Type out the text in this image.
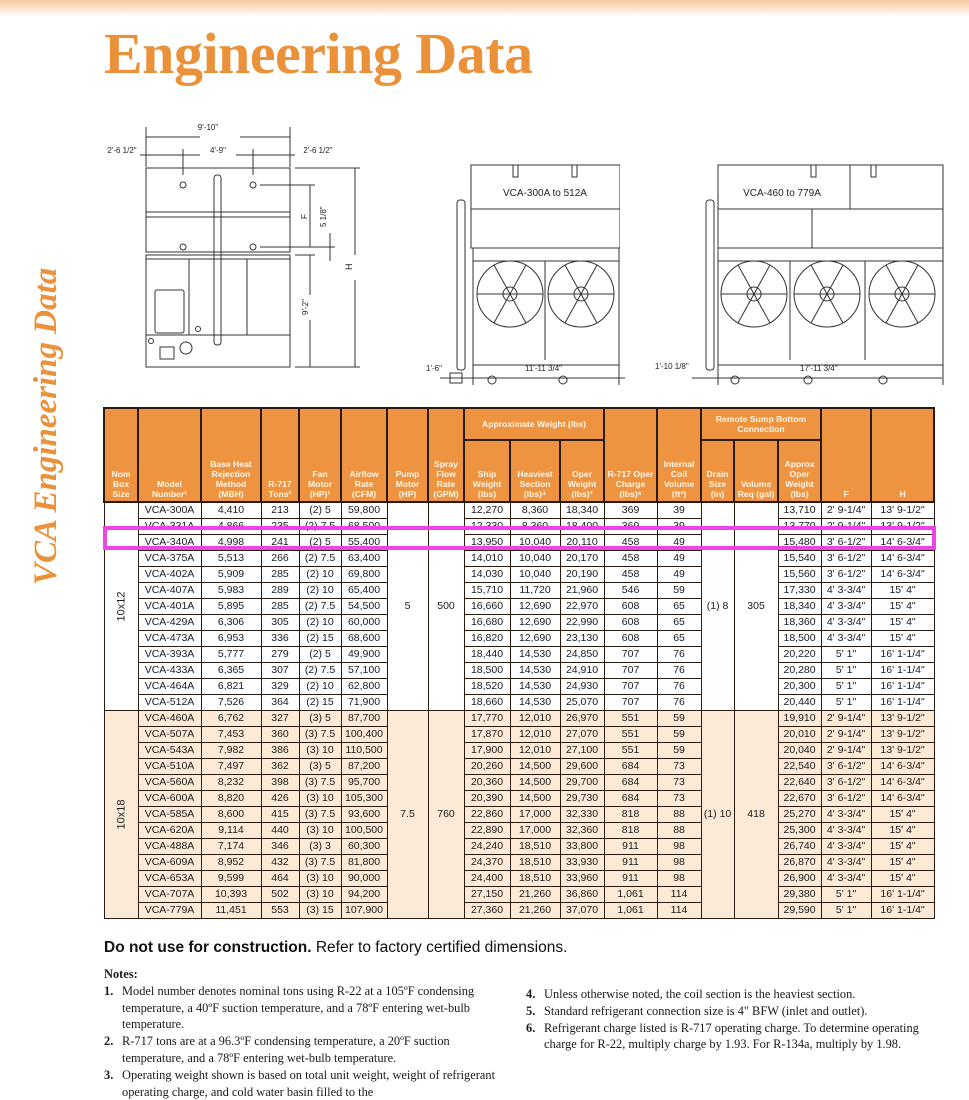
Engineering Data
VCA Engineering Data
9'-10"
2'-6 1/2"	4'-9"	2'-6 1/2"
F 5 1/8"
H
9'-2"
VCA-300A to 512A
1'-6"	11'-11 3/4"
VCA-460 to 779A
1'-10 1/8"	17'-11 3/4"
Nom Box Size	Model Number¹	Base Heat Rejection Method (MBH)	R-717 Tons²	Fan Motor (HP)¹	Airflow Rate (CFM)	Pump Motor (HP)	Spray Flow Rate (GPM)	Approximate Weight (lbs)			R-717 Oper Charge (lbs)⁶	Internal Coil Volume (ft³)	Remote Sump Bottom Connection			F	H
								Ship Weight (lbs)	Heaviest Section (lbs)⁴	Oper Weight (lbs)³			Drain Size (in)	Volume Req (gal)	Approx Oper Weight (lbs)		
10x12	VCA-300A	4,410	213	(2) 5	59,800	5	500	12,270	8,360	18,340	369	39	(1) 8	305	13,710	2' 9-1/4"	13' 9-1/2"
	VCA-331A	4,866	235	(2) 7.5	68,500			12,330	8,360	18,400	369	39			13,770	2' 9-1/4"	13' 9-1/2"
	VCA-340A	4,998	241	(2) 5	55,400			13,950	10,040	20,110	458	49			15,480	3' 6-1/2"	14' 6-3/4"
	VCA-375A	5,513	266	(2) 7.5	63,400			14,010	10,040	20,170	458	49			15,540	3' 6-1/2"	14' 6-3/4"
	VCA-402A	5,909	285	(2) 10	69,800			14,030	10,040	20,190	458	49			15,560	3' 6-1/2"	14' 6-3/4"
	VCA-407A	5,983	289	(2) 10	65,400			15,710	11,720	21,960	546	59			17,330	4' 3-3/4"	15' 4"
	VCA-401A	5,895	285	(2) 7.5	54,500			16,660	12,690	22,970	608	65			18,340	4' 3-3/4"	15' 4"
	VCA-429A	6,306	305	(2) 10	60,000			16,680	12,690	22,990	608	65			18,360	4' 3-3/4"	15' 4"
	VCA-473A	6,953	336	(2) 15	68,600			16,820	12,690	23,130	608	65			18,500	4' 3-3/4"	15' 4"
	VCA-393A	5,777	279	(2) 5	49,900			18,440	14,530	24,850	707	76			20,220	5' 1"	16' 1-1/4"
	VCA-433A	6,365	307	(2) 7.5	57,100			18,500	14,530	24,910	707	76			20,280	5' 1"	16' 1-1/4"
	VCA-464A	6,821	329	(2) 10	62,800			18,520	14,530	24,930	707	76			20,300	5' 1"	16' 1-1/4"
	VCA-512A	7,526	364	(2) 15	71,900			18,660	14,530	25,070	707	76			20,440	5' 1"	16' 1-1/4"
10x18	VCA-460A	6,762	327	(3) 5	87,700	7.5	760	17,770	12,010	26,970	551	59	(1) 10	418	19,910	2' 9-1/4"	13' 9-1/2"
	VCA-507A	7,453	360	(3) 7.5	100,400			17,870	12,010	27,070	551	59			20,010	2' 9-1/4"	13' 9-1/2"
	VCA-543A	7,982	386	(3) 10	110,500			17,900	12,010	27,100	551	59			20,040	2' 9-1/4"	13' 9-1/2"
	VCA-510A	7,497	362	(3) 5	87,200			20,260	14,500	29,600	684	73			22,540	3' 6-1/2"	14' 6-3/4"
	VCA-560A	8,232	398	(3) 7.5	95,700			20,360	14,500	29,700	684	73			22,640	3' 6-1/2"	14' 6-3/4"
	VCA-600A	8,820	426	(3) 10	105,300			20,390	14,500	29,730	684	73			22,670	3' 6-1/2"	14' 6-3/4"
	VCA-585A	8,600	415	(3) 7.5	93,600			22,860	17,000	32,330	818	88			25,270	4' 3-3/4"	15' 4"
	VCA-620A	9,114	440	(3) 10	100,500			22,890	17,000	32,360	818	88			25,300	4' 3-3/4"	15' 4"
	VCA-488A	7,174	346	(3) 3	60,300			24,240	18,510	33,800	911	98			26,740	4' 3-3/4"	15' 4"
	VCA-609A	8,952	432	(3) 7.5	81,800			24,370	18,510	33,930	911	98			26,870	4' 3-3/4"	15' 4"
	VCA-653A	9,599	464	(3) 10	90,000			24,400	18,510	33,960	911	98			26,900	4' 3-3/4"	15' 4"
	VCA-707A	10,393	502	(3) 10	94,200			27,150	21,260	36,860	1,061	114			29,380	5' 1"	16' 1-1/4"
	VCA-779A	11,451	553	(3) 15	107,900			27,360	21,260	37,070	1,061	114			29,590	5' 1"	16' 1-1/4"
Do not use for construction. Refer to factory certified dimensions.
Notes:
1. Model number denotes nominal tons using R-22 at a 105ºF condensing temperature, a 40ºF suction temperature, and a 78ºF entering wet-bulb temperature.
2. R-717 tons are at a 96.3ºF condensing temperature, a 20ºF suction temperature, and a 78ºF entering wet-bulb temperature.
3. Operating weight shown is based on total unit weight, weight of refrigerant operating charge, and cold water basin filled to the
4. Unless otherwise noted, the coil section is the heaviest section.
5. Standard refrigerant connection size is 4" BFW (inlet and outlet).
6. Refrigerant charge listed is R-717 operating charge. To determine operating charge for R-22, multiply charge by 1.93. For R-134a, multiply by 1.98.
